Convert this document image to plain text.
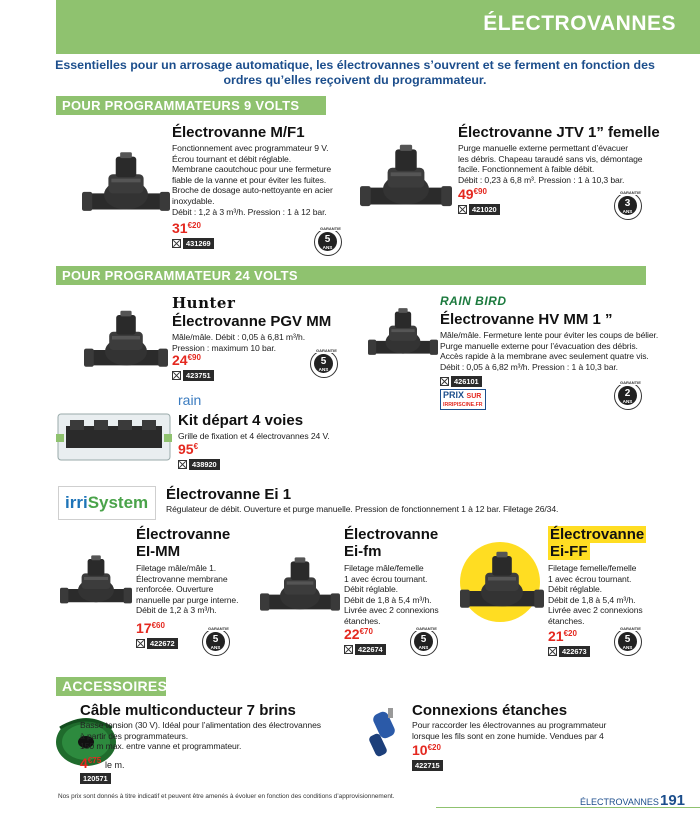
ÉLECTROVANNES
Essentielles pour un arrosage automatique, les électrovannes s’ouvrent et se ferment en fonction des ordres qu’elles reçoivent du programmateur.
POUR PROGRAMMATEURS 9 VOLTS
Électrovanne M/F1
Fonctionnement avec programmateur 9 V.
Écrou tournant et débit réglable.
Membrane caoutchouc pour une fermeture
fiable de la vanne et pour éviter les fuites.
Broche de dosage auto-nettoyante en acier
inoxydable.
Débit : 1,2 à 3 m³/h. Pression : 1 à 12 bar.
$31^{€20}$
431269
GARANTIE
5
ANS
Électrovanne JTV 1” femelle
Purge manuelle externe permettant d’évacuer
les débris. Chapeau taraudé sans vis, démontage
facile. Fonctionnement à faible débit.
Débit : 0,23 à 6,8 m³. Pression : 1 à 10,3 bar.
$49^{€90}$
421020
GARANTIE
3
ANS
POUR PROGRAMMATEUR 24 VOLTS
Hunter
Électrovanne PGV MM
Mâle/mâle. Débit : 0,05 à 6,81 m³/h.
Pression : maximum 10 bar.
$24^{€90}$
423751
GARANTIE
5
ANS
RAIN BIRD
Électrovanne HV MM 1 ”
Mâle/mâle. Fermeture lente pour éviter les coups de bélier.
Purge manuelle externe pour l’évacuation des débris.
Accès rapide à la membrane avec seulement quatre vis.
Débit : 0,05 à 6,82 m³/h. Pression : 1 à 10,3 bar.
426101
PRIX SUR
IRRIPISCINE.FR
GARANTIE
2
ANS
rain
Kit départ 4 voies
Grille de fixation et 4 électrovannes 24 V.
95€
438920
irriSystem	Électrovanne Ei 1
Régulateur de débit. Ouverture et purge manuelle. Pression de fonctionnement 1 à 12 bar. Filetage 26/34.
Électrovanne
EI-MM
Filetage mâle/mâle 1.
Électrovanne membrane
renforcée. Ouverture
manuelle par purge interne.
Débit de 1,2 à 3 m³/h.
$17^{€60}$
422672
GARANTIE
5
ANS
Électrovanne
Ei-fm
Filetage mâle/femelle
1 avec écrou tournant.
Débit réglable.
Débit de 1,8 à 5,4 m³/h.
Livrée avec 2 connexions
étanches.
$22^{€70}$
422674
GARANTIE
5
ANS
Électrovanne
Ei-FF
Filetage femelle/femelle
1 avec écrou tournant.
Débit réglable.
Débit de 1,8 à 5,4 m³/h.
Livrée avec 2 connexions
étanches.
$21^{€20}$
422673
GARANTIE
5
ANS
ACCESSOIRES
Câble multiconducteur 7 brins
Basse tension (30 V). Idéal pour l’alimentation des électrovannes
à partir des programmateurs.
150 m max. entre vanne et programmateur.
$4^{€75}$ le m.
120571
Connexions étanches
Pour raccorder les électrovannes au programmateur
lorsque les fils sont en zone humide. Vendues par 4
$10^{€20}$
422715
Nos prix sont donnés à titre indicatif et peuvent être amenés à évoluer en fonction des conditions d’approvisionnement.
ÉLECTROVANNES 191
